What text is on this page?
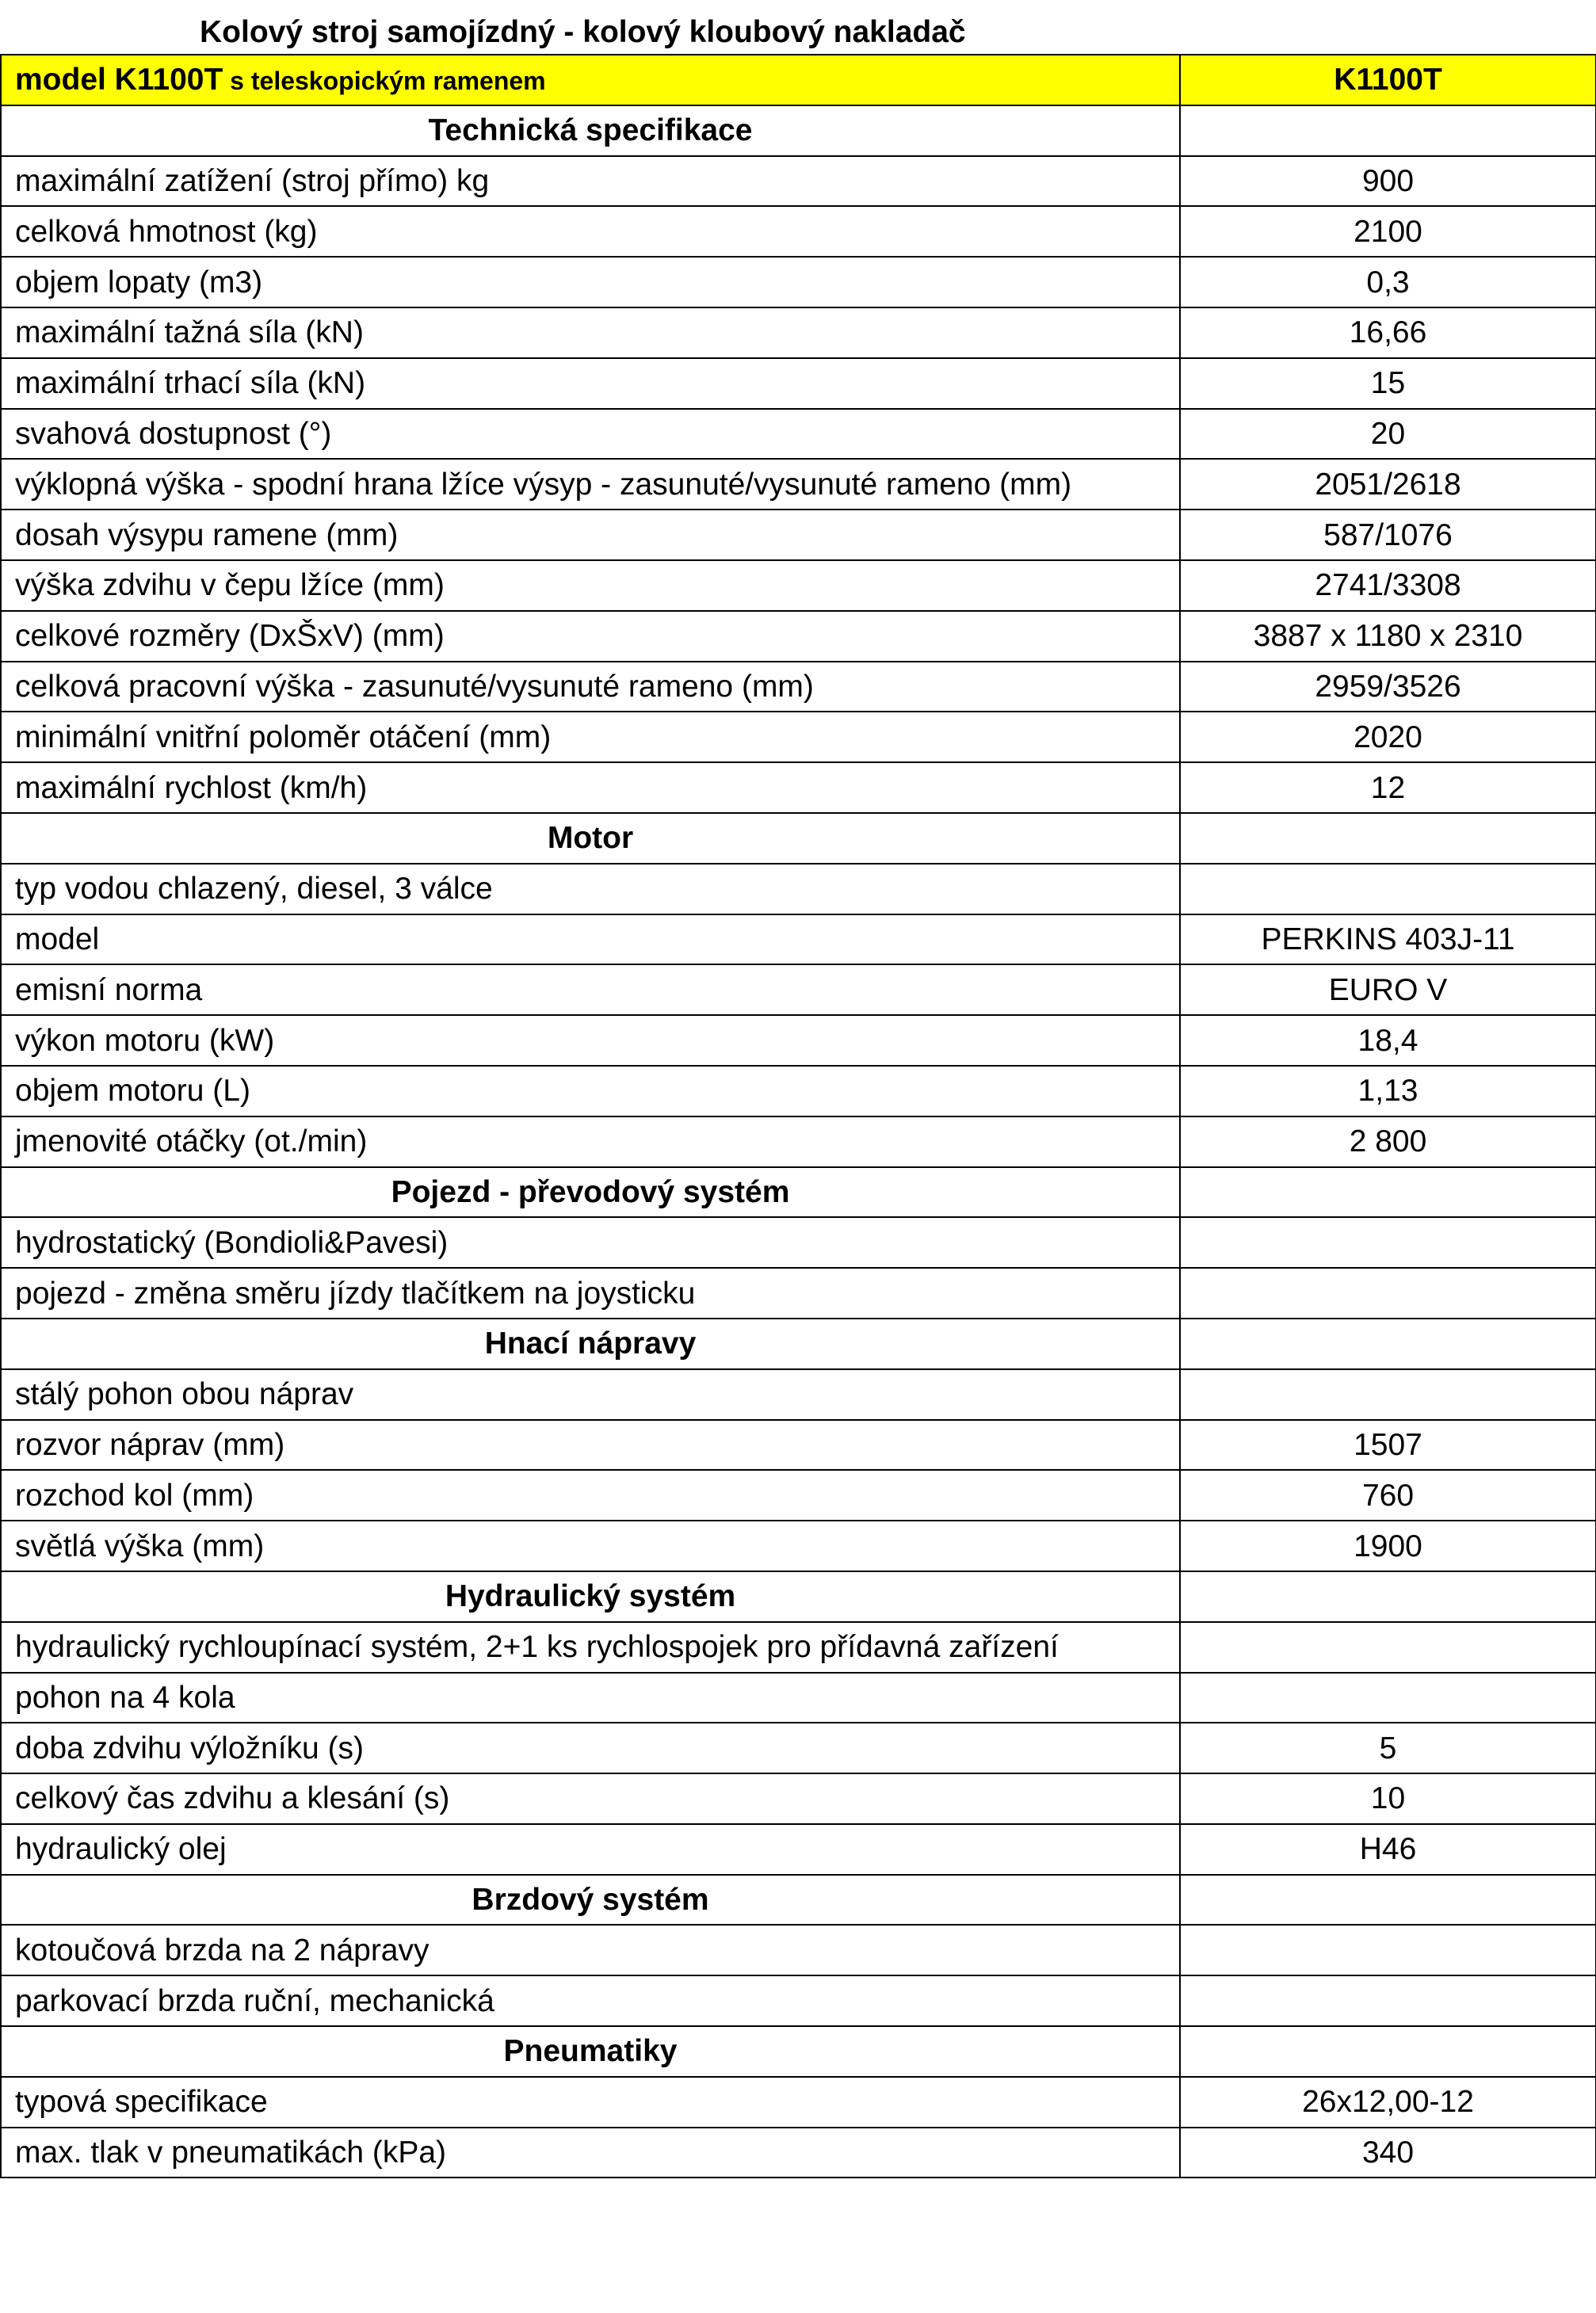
Kolový stroj samojízdný - kolový kloubový nakladač
model K1100T s teleskopickým ramenem	K1100T
Technická specifikace	
maximální zatížení (stroj přímo) kg	900
celková hmotnost (kg)	2100
objem lopaty (m3)	0,3
maximální tažná síla (kN)	16,66
maximální trhací síla (kN)	15
svahová dostupnost (°)	20
výklopná výška - spodní hrana lžíce výsyp - zasunuté/vysunuté rameno (mm)	2051/2618
dosah výsypu ramene (mm)	587/1076
výška zdvihu v čepu lžíce (mm)	2741/3308
celkové rozměry (DxŠxV) (mm)	3887 x 1180 x 2310
celková pracovní výška - zasunuté/vysunuté rameno (mm)	2959/3526
minimální vnitřní poloměr otáčení (mm)	2020
maximální rychlost (km/h)	12
Motor	
typ vodou chlazený, diesel, 3 válce	
model	PERKINS 403J-11
emisní norma	EURO V
výkon motoru (kW)	18,4
objem motoru (L)	1,13
jmenovité otáčky (ot./min)	2 800
Pojezd - převodový systém	
hydrostatický (Bondioli&Pavesi)	
pojezd - změna směru jízdy tlačítkem na joysticku	
Hnací nápravy	
stálý pohon obou náprav	
rozvor náprav (mm)	1507
rozchod kol (mm)	760
světlá výška (mm)	1900
Hydraulický systém	
hydraulický rychloupínací systém, 2+1 ks rychlospojek pro přídavná zařízení	
pohon na 4 kola	
doba zdvihu výložníku (s)	5
celkový čas zdvihu a klesání (s)	10
hydraulický olej	H46
Brzdový systém	
kotoučová brzda na 2 nápravy	
parkovací brzda ruční, mechanická	
Pneumatiky	
typová specifikace	26x12,00-12
max. tlak v pneumatikách (kPa)	340
